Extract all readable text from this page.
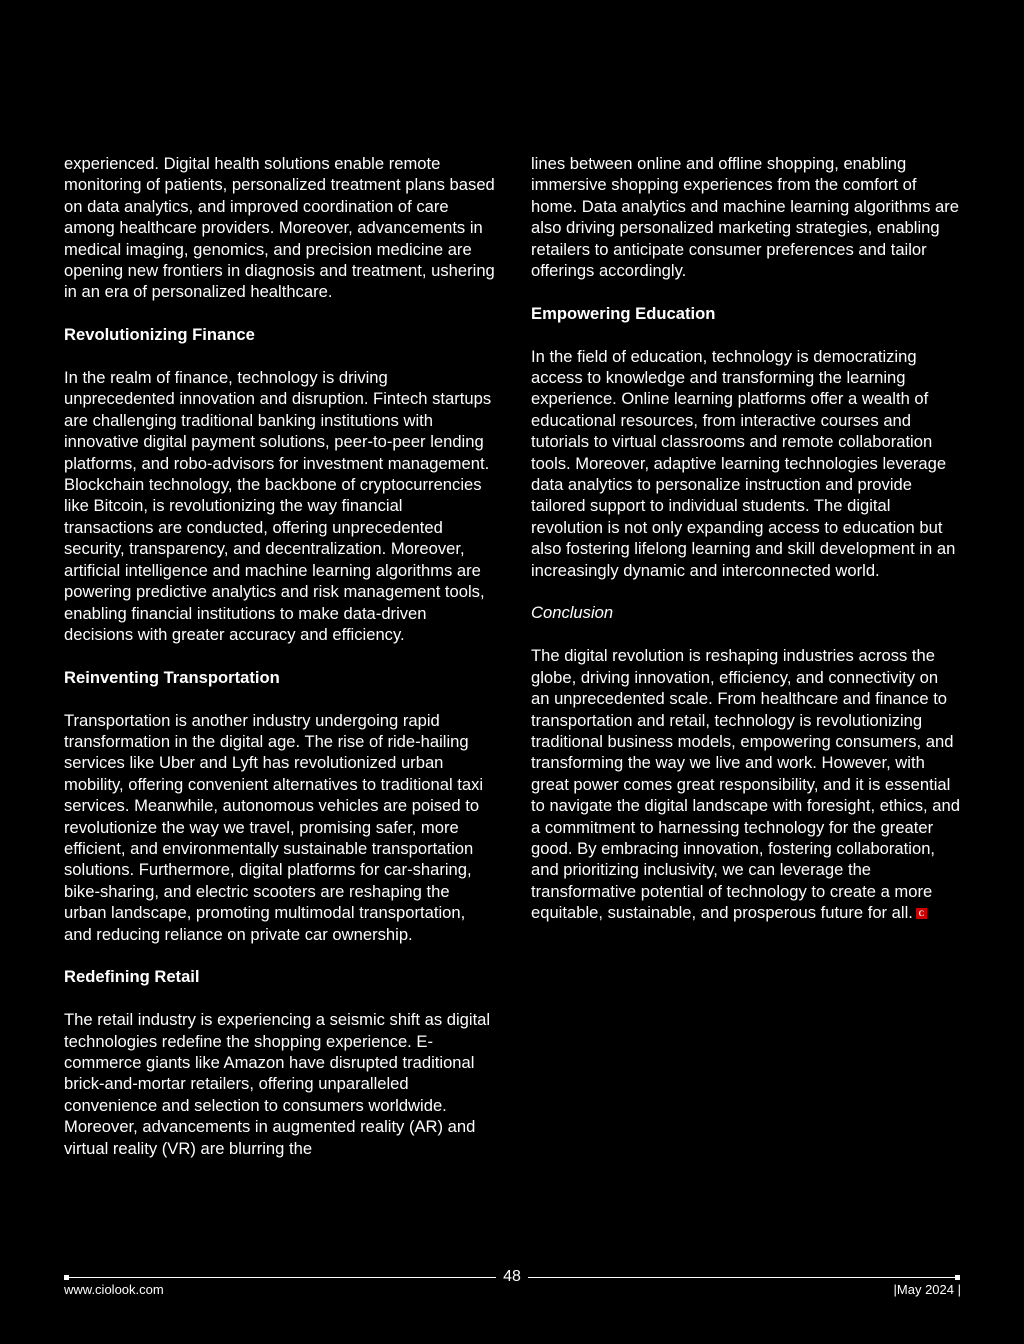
experienced. Digital health solutions enable remote monitoring of patients, personalized treatment plans based on data analytics, and improved coordination of care among healthcare providers. Moreover, advancements in medical imaging, genomics, and precision medicine are opening new frontiers in diagnosis and treatment, ushering in an era of personalized healthcare.

Revolutionizing Finance

In the realm of finance, technology is driving unprecedented innovation and disruption. Fintech startups are challenging traditional banking institutions with innovative digital payment solutions, peer-to-peer lending platforms, and robo-advisors for investment management. Blockchain technology, the backbone of cryptocurrencies like Bitcoin, is revolutionizing the way financial transactions are conducted, offering unprecedented security, transparency, and decentralization. Moreover, artificial intelligence and machine learning algorithms are powering predictive analytics and risk management tools, enabling financial institutions to make data-driven decisions with greater accuracy and efficiency.

Reinventing Transportation

Transportation is another industry undergoing rapid transformation in the digital age. The rise of ride-hailing services like Uber and Lyft has revolutionized urban mobility, offering convenient alternatives to traditional taxi services. Meanwhile, autonomous vehicles are poised to revolutionize the way we travel, promising safer, more efficient, and environmentally sustainable transportation solutions. Furthermore, digital platforms for car-sharing, bike-sharing, and electric scooters are reshaping the urban landscape, promoting multimodal transportation, and reducing reliance on private car ownership.

Redefining Retail

The retail industry is experiencing a seismic shift as digital technologies redefine the shopping experience. E-commerce giants like Amazon have disrupted traditional brick-and-mortar retailers, offering unparalleled convenience and selection to consumers worldwide. Moreover, advancements in augmented reality (AR) and virtual reality (VR) are blurring the

lines between online and offline shopping, enabling immersive shopping experiences from the comfort of home. Data analytics and machine learning algorithms are also driving personalized marketing strategies, enabling retailers to anticipate consumer preferences and tailor offerings accordingly.

Empowering Education

In the field of education, technology is democratizing access to knowledge and transforming the learning experience. Online learning platforms offer a wealth of educational resources, from interactive courses and tutorials to virtual classrooms and remote collaboration tools. Moreover, adaptive learning technologies leverage data analytics to personalize instruction and provide tailored support to individual students. The digital revolution is not only expanding access to education but also fostering lifelong learning and skill development in an increasingly dynamic and interconnected world.

Conclusion

The digital revolution is reshaping industries across the globe, driving innovation, efficiency, and connectivity on an unprecedented scale. From healthcare and finance to transportation and retail, technology is revolutionizing traditional business models, empowering consumers, and transforming the way we live and work. However, with great power comes great responsibility, and it is essential to navigate the digital landscape with foresight, ethics, and a commitment to harnessing technology for the greater good. By embracing innovation, fostering collaboration, and prioritizing inclusivity, we can leverage the transformative potential of technology to create a more equitable, sustainable, and prosperous future for all. C

48
www.ciolook.com	|May 2024 |
